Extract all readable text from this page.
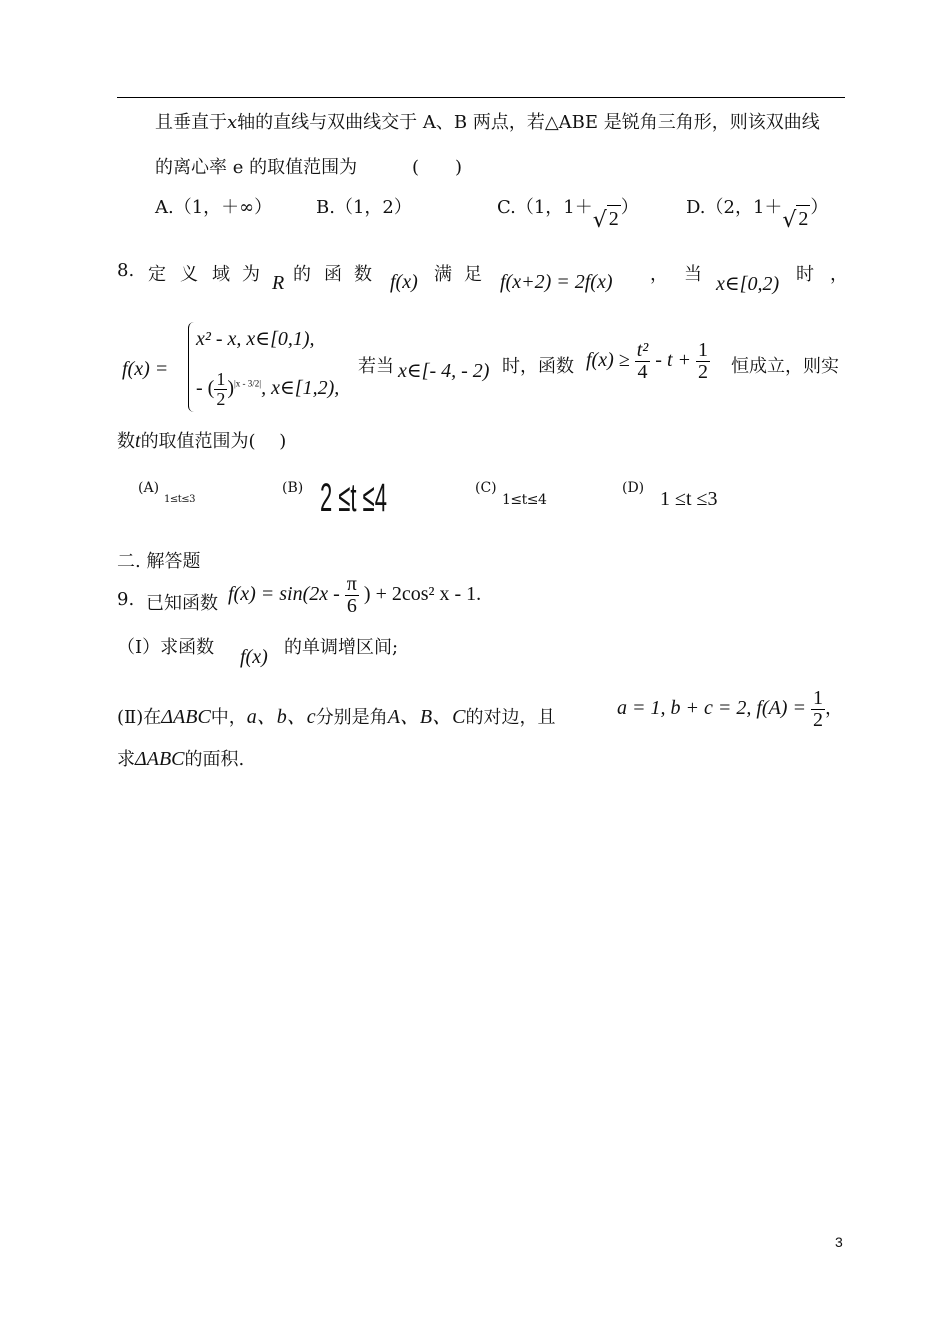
且垂直于x轴的直线与双曲线交于 A、B 两点，若△ABE 是锐角三角形，则该双曲线
的离心率 e 的取值范围为	(　　)
A.（1，＋∞） B.（1，2）	C.（1，1＋
√ 2）	D.（2，1＋
√ 2）
8. 定 义 域 为 R 的 函 数 f(x) 满 足 f(x+2) = 2f(x) ， 当 x∈[0,2) 时 ，
f(x) =
x² - x, x∈[0,1),
- ( $\frac{1}{2} )^{|x - 3/2|}$, x∈[1,2),
若当 x∈[- 4, - 2) 时，函数 $f(x) \ge \frac{\text{t²}}{4} - t + \frac{1}{2}$ 恒成立，则实
数t的取值范围为(　 )
(A)
1≤t≤3
(B) 2 ≤t ≤4	(C)
1≤t≤4
(D) 1 ≤t ≤3
二. 解答题
9. 已知函数 $f(x) = \sin(2x - \frac{\pi}{6}$ ) + 2cos² x - 1.
（Ⅰ）求函数 f(x) 的单调增区间;
(Ⅱ)在ΔABC中，a、b、c分别是角A、B、C的对边，且	a = 1, b + c = 2, $f(A) = \frac{1}{2}$ ，
求ΔABC的面积.
3
